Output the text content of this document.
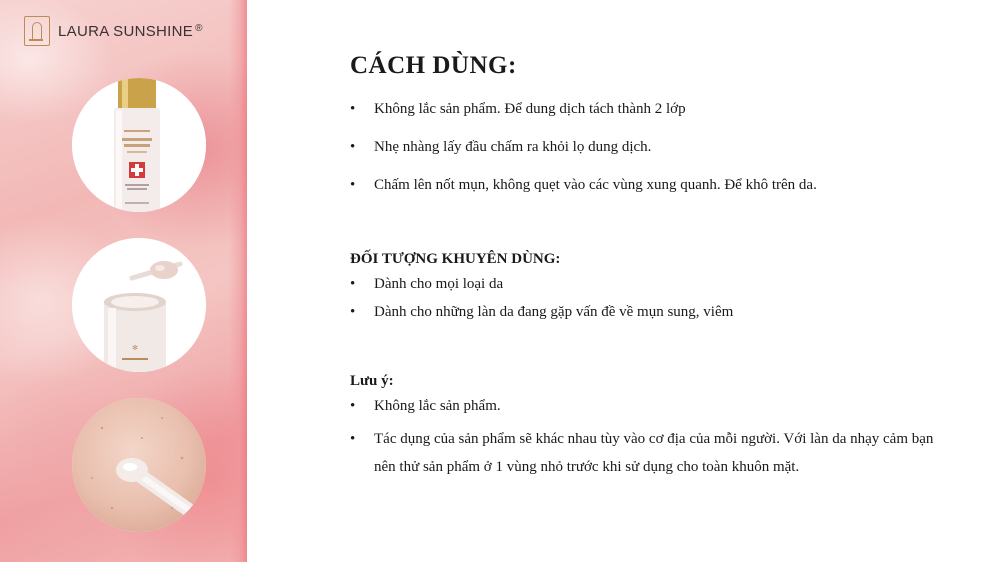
LAURA SUNSHINE ®
✻
CÁCH DÙNG:
• Không lắc sản phẩm. Để dung dịch tách thành 2 lớp
• Nhẹ nhàng lấy đầu chấm ra khỏi lọ dung dịch.
• Chấm lên nốt mụn, không quẹt vào các vùng xung quanh. Để khô trên da.
ĐỐI TƯỢNG KHUYÊN DÙNG:
• Dành cho mọi loại da
• Dành cho những làn da đang gặp vấn đề về mụn sung, viêm
Lưu ý:
• Không lắc sản phẩm.
• Tác dụng của sản phẩm sẽ khác nhau tùy vào cơ địa của mỗi người. Với làn da nhạy cảm bạn nên thử sản phẩm ở 1 vùng nhỏ trước khi sử dụng cho toàn khuôn mặt.
